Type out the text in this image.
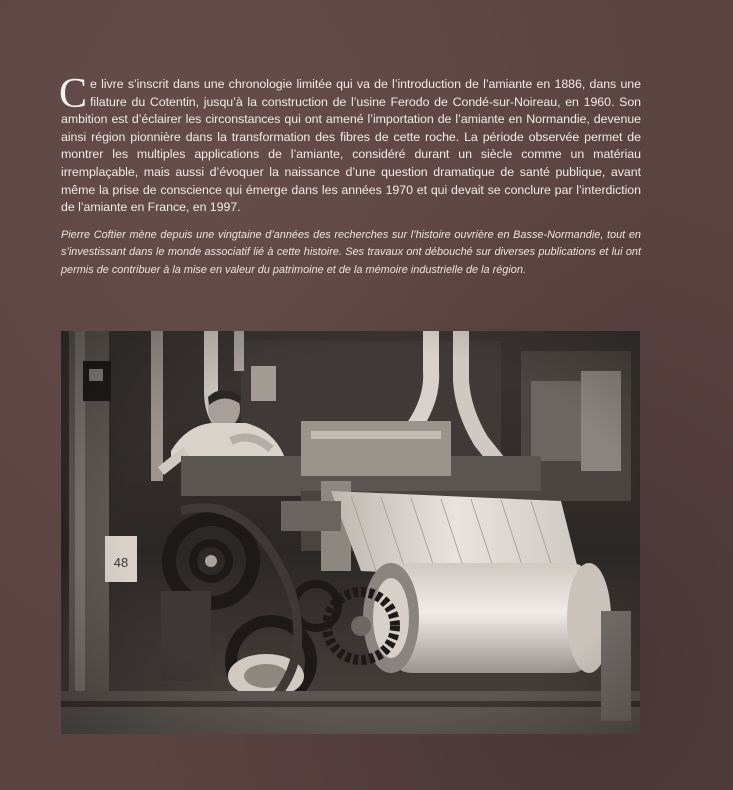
Ce livre s’inscrit dans une chronologie limitée qui va de l’introduction de l’amiante en 1886, dans une filature du Cotentin, jusqu’à la construction de l’usine Ferodo de Condé-sur-Noireau, en 1960. Son ambition est d’éclairer les circonstances qui ont amené l’importation de l’amiante en Normandie, devenue ainsi région pionnière dans la transformation des fibres de cette roche. La période observée permet de montrer les multiples applications de l’amiante, considéré durant un siècle comme un matériau irremplaçable, mais aussi d’évoquer la naissance d’une question dramatique de santé publique, avant même la prise de conscience qui émerge dans les années 1970 et qui devait se conclure par l’interdiction de l’amiante en France, en 1997.

Pierre Coftier mène depuis une vingtaine d’années des recherches sur l’histoire ouvrière en Basse-Normandie, tout en s’investissant dans le monde associatif lié à cette histoire. Ses travaux ont débouché sur diverses publications et lui ont permis de contribuer à la mise en valeur du patrimoine et de la mémoire industrielle de la région.
